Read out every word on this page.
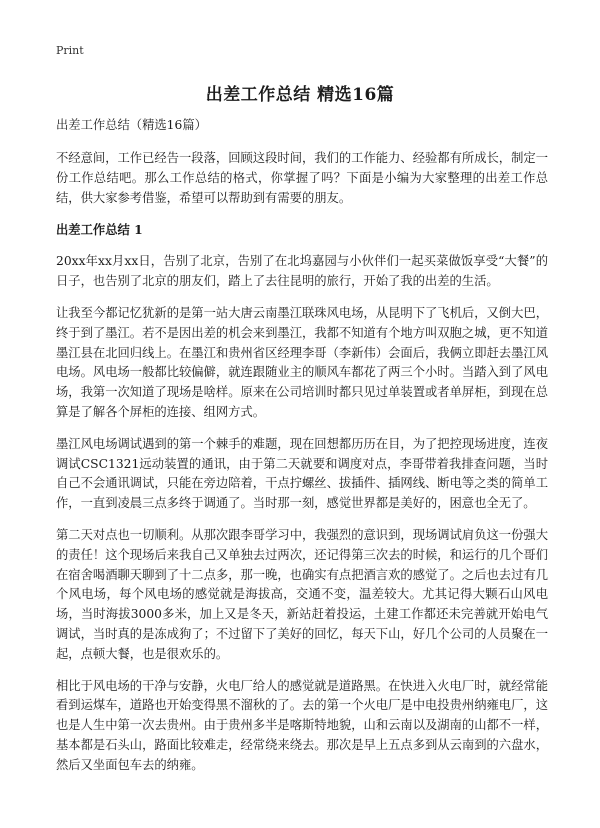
Print
出差工作总结 精选16篇
出差工作总结（精选16篇）

不经意间，工作已经告一段落，回顾这段时间，我们的工作能力、经验都有所成长，制定一份工作总结吧。那么工作总结的格式，你掌握了吗？下面是小编为大家整理的出差工作总结，供大家参考借鉴，希望可以帮助到有需要的朋友。

出差工作总结 1

20xx年xx月xx日，告别了北京，告别了在北坞嘉园与小伙伴们一起买菜做饭享受“大餐”的日子，也告别了北京的朋友们，踏上了去往昆明的旅行，开始了我的出差的生活。

让我至今都记忆犹新的是第一站大唐云南墨江联珠风电场，从昆明下了飞机后，又倒大巴，终于到了墨江。若不是因出差的机会来到墨江，我都不知道有个地方叫双胞之城，更不知道墨江县在北回归线上。在墨江和贵州省区经理李哥（李新伟）会面后，我俩立即赶去墨江风电场。风电场一般都比较偏僻，就连跟随业主的顺风车都花了两三个小时。当踏入到了风电场，我第一次知道了现场是啥样。原来在公司培训时都只见过单装置或者单屏柜，到现在总算是了解各个屏柜的连接、组网方式。

墨江风电场调试遇到的第一个棘手的难题，现在回想都历历在目，为了把控现场进度，连夜调试CSC1321远动装置的通讯，由于第二天就要和调度对点，李哥带着我排查问题，当时自己不会通讯调试，只能在旁边陪着，干点拧螺丝、拔插件、插网线、断电等之类的简单工作，一直到凌晨三点多终于调通了。当时那一刻，感觉世界都是美好的，困意也全无了。

第二天对点也一切顺利。从那次跟李哥学习中，我强烈的意识到，现场调试肩负这一份强大的责任！这个现场后来我自己又单独去过两次，还记得第三次去的时候，和运行的几个哥们在宿舍喝酒聊天聊到了十二点多，那一晚，也确实有点把酒言欢的感觉了。之后也去过有几个风电场，每个风电场的感觉就是海拔高，交通不变，温差较大。尤其记得大颗石山风电场，当时海拔3000多米，加上又是冬天，新站赶着投运，土建工作都还未完善就开始电气调试，当时真的是冻成狗了；不过留下了美好的回忆，每天下山，好几个公司的人员聚在一起，点顿大餐，也是很欢乐的。

相比于风电场的干净与安静，火电厂给人的感觉就是道路黑。在快进入火电厂时，就经常能看到运煤车，道路也开始变得黑不溜秋的了。去的第一个火电厂是中电投贵州纳雍电厂，这也是人生中第一次去贵州。由于贵州多半是喀斯特地貌，山和云南以及湖南的山都不一样，基本都是石头山，路面比较难走，经常绕来绕去。那次是早上五点多到从云南到的六盘水，然后又坐面包车去的纳雍。
